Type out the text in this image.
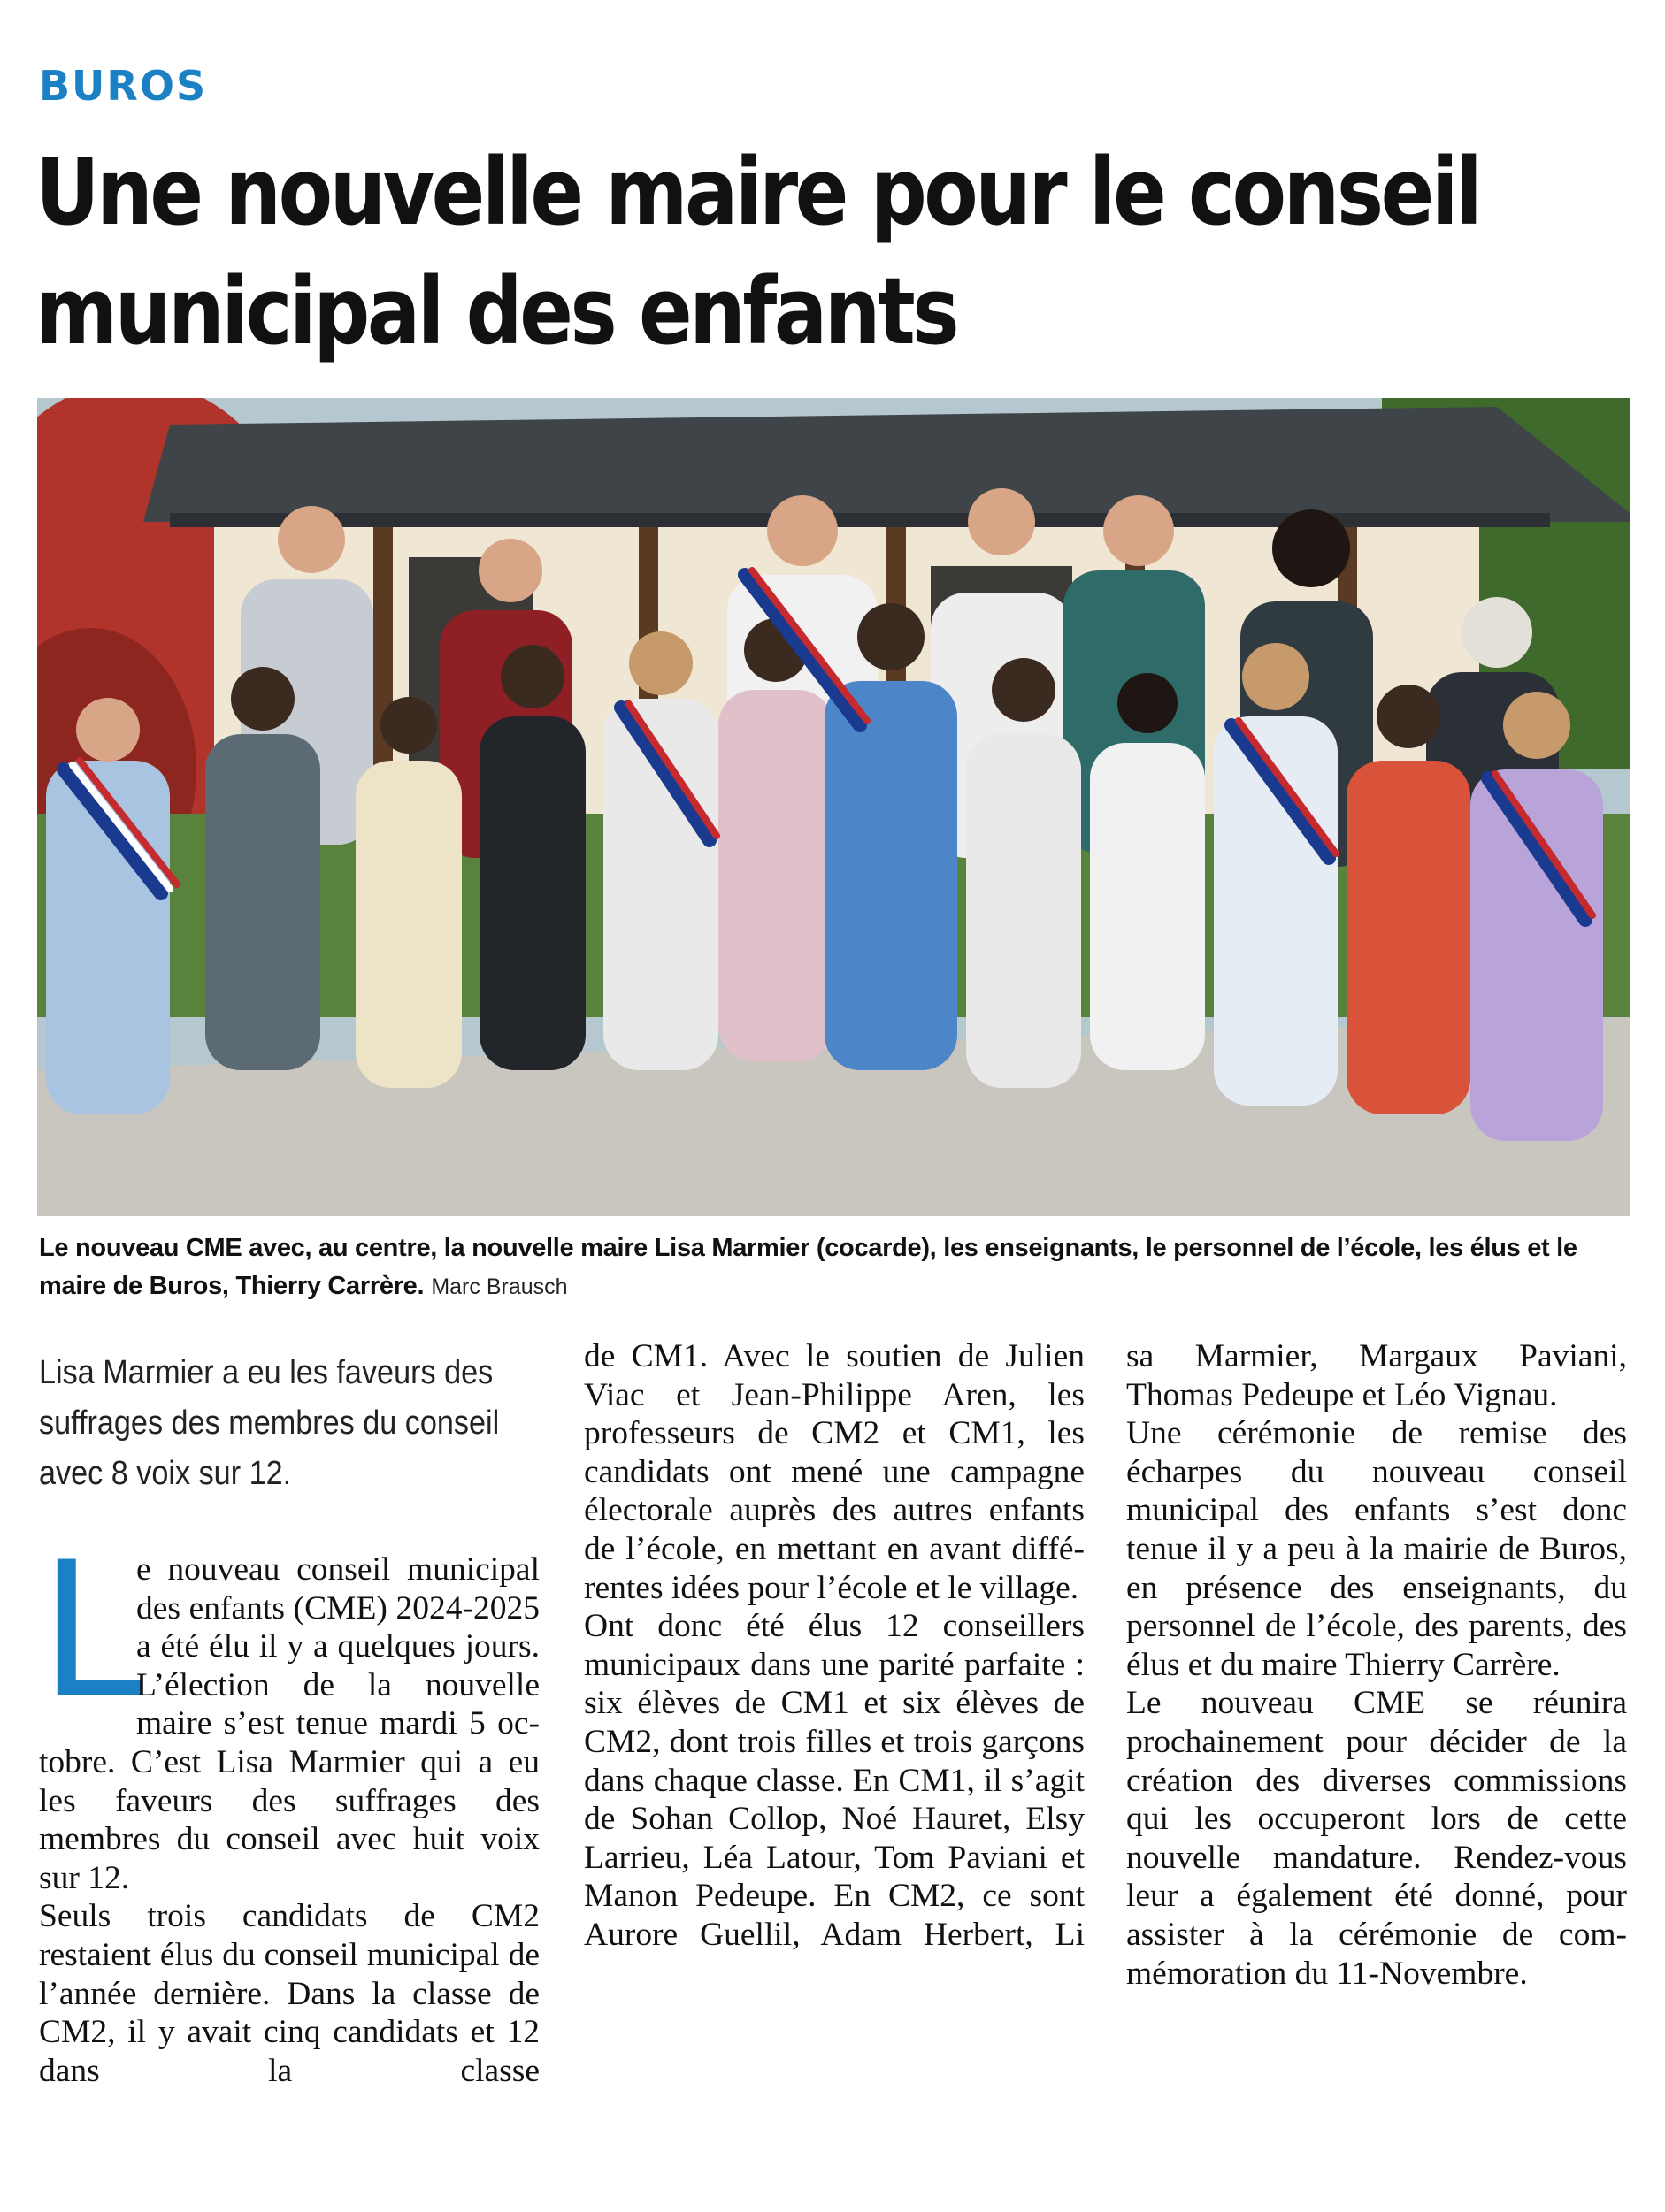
BUROS
Une nouvelle maire pour le conseil
municipal des enfants
Le nouveau CME avec, au centre, la nouvelle maire Lisa Marmier (cocarde), les enseignants, le personnel de l’école, les élus et le maire de Buros, Thierry Carrère. Marc Brausch

Lisa Marmier a eu les faveurs des suffrages des membres du conseil avec 8 voix sur 12.

L
e nouveau conseil municipal des enfants (CME) 2024-2025 a été élu il y a quelques jours. L’élection de la nouvelle maire s’est tenue mardi 5 octobre. C’est Lisa Marmier qui a eu les faveurs des suffrages des membres du conseil avec huit voix sur 12.

Seuls trois candidats de CM2 restaient élus du conseil municipal de l’année dernière. Dans la classe de CM2, il y avait cinq candidats et 12 dans la classe

de CM1. Avec le soutien de Julien Viac et Jean-Philippe Aren, les professeurs de CM2 et CM1, les candidats ont mené une campagne électorale auprès des autres enfants de l’école, en mettant en avant différentes idées pour l’école et le village.

Ont donc été élus 12 conseillers municipaux dans une parité parfaite : six élèves de CM1 et six élèves de CM2, dont trois filles et trois garçons dans chaque classe. En CM1, il s’agit de Sohan Collop, Noé Hauret, Elsy Larrieu, Léa Latour, Tom Paviani et Manon Pedeupe. En CM2, ce sont Aurore Guellil, Adam Herbert, Li

sa Marmier, Margaux Paviani, Thomas Pedeupe et Léo Vignau.

Une cérémonie de remise des écharpes du nouveau conseil municipal des enfants s’est donc tenue il y a peu à la mairie de Buros, en présence des enseignants, du personnel de l’école, des parents, des élus et du maire Thierry Carrère.

Le nouveau CME se réunira prochainement pour décider de la création des diverses commissions qui les occuperont lors de cette nouvelle mandature. Rendez-vous leur a également été donné, pour assister à la cérémonie de commémoration du 11-Novembre.
